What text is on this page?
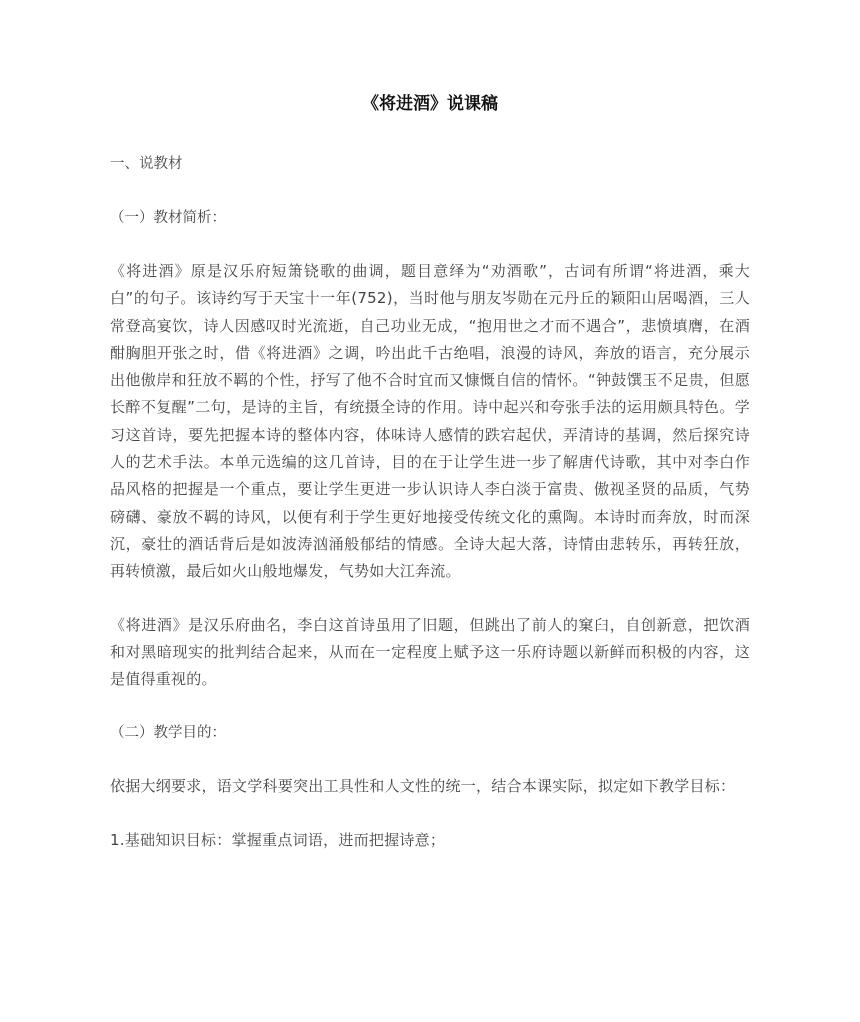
《将进酒》说课稿
一、说教材
（一）教材简析：
《将进酒》原是汉乐府短箫铙歌的曲调，题目意绎为“劝酒歌”，古词有所谓“将进酒，乘大白”的句子。该诗约写于天宝十一年(752)，当时他与朋友岑勋在元丹丘的颖阳山居喝酒，三人常登高宴饮，诗人因感叹时光流逝，自己功业无成，“抱用世之才而不遇合”，悲愤填膺，在酒酣胸胆开张之时，借《将进酒》之调，吟出此千古绝唱，浪漫的诗风，奔放的语言，充分展示出他傲岸和狂放不羁的个性，抒写了他不合时宜而又慷慨自信的情怀。“钟鼓馔玉不足贵，但愿长醉不复醒”二句，是诗的主旨，有统摄全诗的作用。诗中起兴和夸张手法的运用颇具特色。学习这首诗，要先把握本诗的整体内容，体味诗人感情的跌宕起伏，弄清诗的基调，然后探究诗人的艺术手法。本单元选编的这几首诗，目的在于让学生进一步了解唐代诗歌，其中对李白作品风格的把握是一个重点，要让学生更进一步认识诗人李白淡于富贵、傲视圣贤的品质，气势磅礴、豪放不羁的诗风，以便有利于学生更好地接受传统文化的熏陶。本诗时而奔放，时而深沉，豪壮的酒话背后是如波涛汹涌般郁结的情感。全诗大起大落，诗情由悲转乐，再转狂放，再转愤激，最后如火山般地爆发，气势如大江奔流。
《将进酒》是汉乐府曲名，李白这首诗虽用了旧题，但跳出了前人的窠臼，自创新意，把饮酒和对黑暗现实的批判结合起来，从而在一定程度上赋予这一乐府诗题以新鲜而积极的内容，这是值得重视的。
（二）教学目的：
依据大纲要求，语文学科要突出工具性和人文性的统一，结合本课实际，拟定如下教学目标：
1.基础知识目标：掌握重点词语，进而把握诗意；
